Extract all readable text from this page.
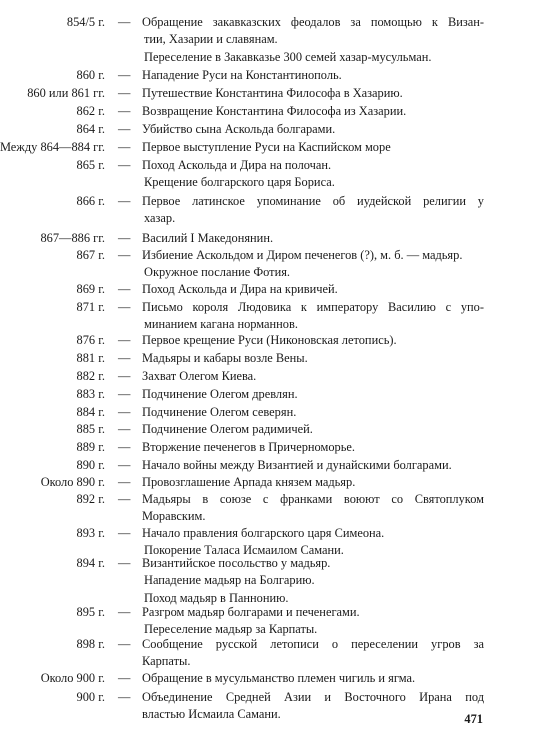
854/5 г. — Обращение закавказских феодалов за помощью к Визан-
тии, Хазарии и славянам.
Переселение в Закавказье 300 семей хазар-мусульман.
860 г. — Нападение Руси на Константинополь.
860 или 861 гг. — Путешествие Константина Философа в Хазарию.
862 г. — Возвращение Константина Философа из Хазарии.
864 г. — Убийство сына Аскольда болгарами.
Между 864—884 гг. — Первое выступление Руси на Каспийском море
865 г. — Поход Аскольда и Дира на полочан.
Крещение болгарского царя Бориса.
866 г. — Первое латинское упоминание об иудейской религии у
хазар.
867—886 гг. — Василий I Македонянин.
867 г. — Избиение Аскольдом и Диром печенегов (?), м. б. — мадьяр.
Окружное послание Фотия.
869 г. — Поход Аскольда и Дира на кривичей.
871 г. — Письмо короля Людовика к императору Василию с упо-
минанием кагана норманнов.
876 г. — Первое крещение Руси (Никоновская летопись).
881 г. — Мадьяры и кабары возле Вены.
882 г. — Захват Олегом Киева.
883 г. — Подчинение Олегом древлян.
884 г. — Подчинение Олегом северян.
885 г. — Подчинение Олегом радимичей.
889 г. — Вторжение печенегов в Причерноморье.
890 г. — Начало войны между Византией и дунайскими болгарами.
Около 890 г. — Провозглашение Арпада князем мадьяр.
892 г. — Мадьяры в союзе с франками воюют со Святоплуком
Моравским.
893 г. — Начало правления болгарского царя Симеона.
Покорение Таласа Исмаилом Самани.
894 г. — Византийское посольство у мадьяр.
Нападение мадьяр на Болгарию.
Поход мадьяр в Паннонию.
895 г. — Разгром мадьяр болгарами и печенегами.
Переселение мадьяр за Карпаты.
898 г. — Сообщение русской летописи о переселении угров за
Карпаты.
Около 900 г. — Обращение в мусульманство племен чигиль и ягма.
900 г. — Объединение Средней Азии и Восточного Ирана под
властью Исмаила Самани.	471
